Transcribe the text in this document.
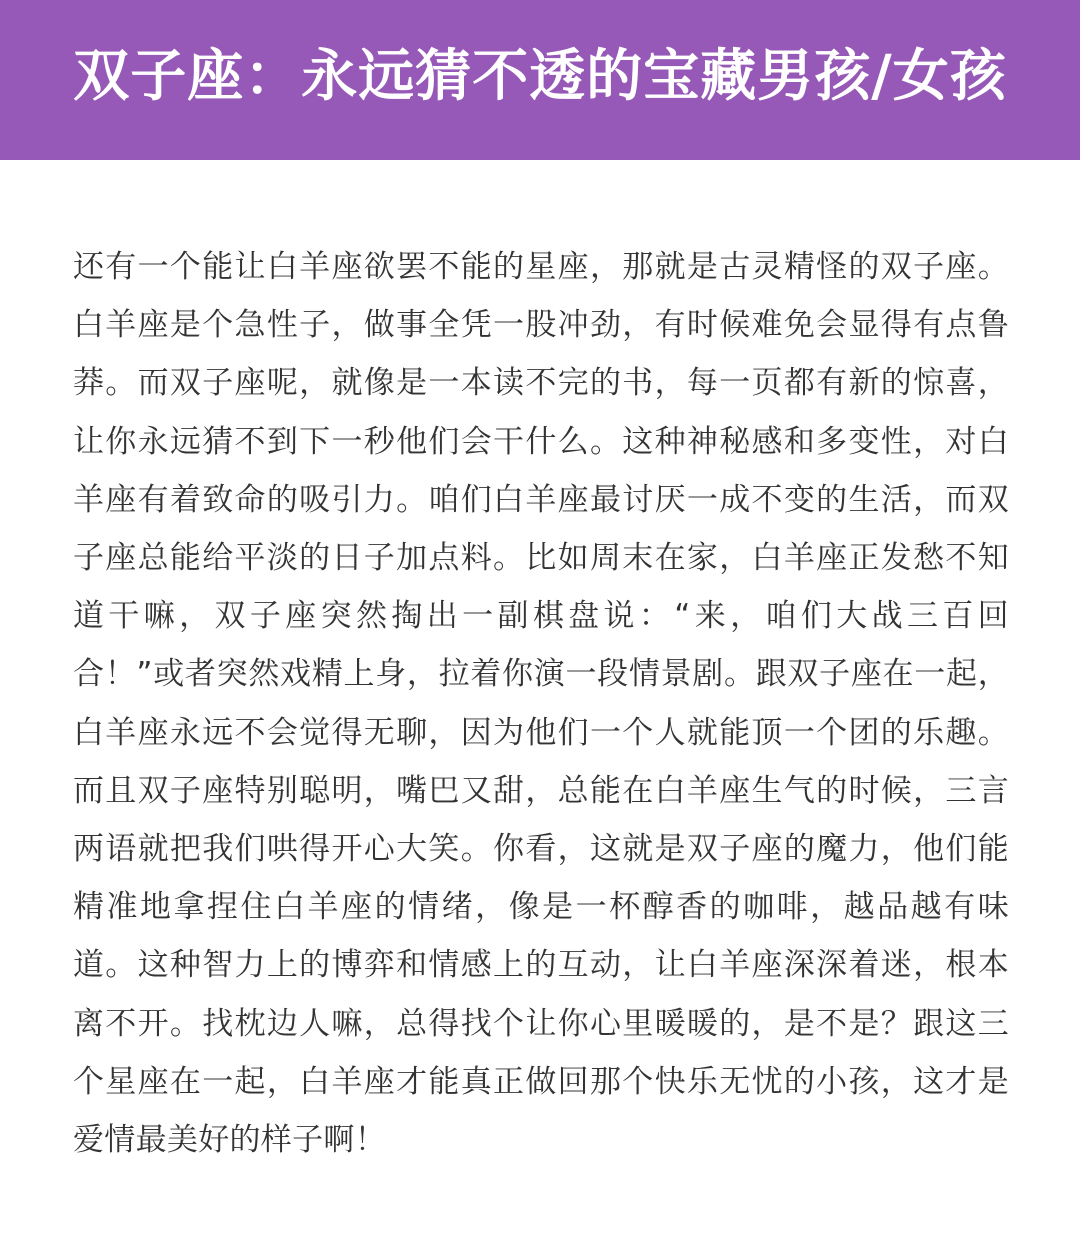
双子座：永远猜不透的宝藏男孩/女孩

还有一个能让白羊座欲罢不能的星座，那就是古灵精怪的双子座。白羊座是个急性子，做事全凭一股冲劲，有时候难免会显得有点鲁莽。而双子座呢，就像是一本读不完的书，每一页都有新的惊喜，让你永远猜不到下一秒他们会干什么。这种神秘感和多变性，对白羊座有着致命的吸引力。咱们白羊座最讨厌一成不变的生活，而双子座总能给平淡的日子加点料。比如周末在家，白羊座正发愁不知道干嘛，双子座突然掏出一副棋盘说：“来，咱们大战三百回合！”或者突然戏精上身，拉着你演一段情景剧。跟双子座在一起，白羊座永远不会觉得无聊，因为他们一个人就能顶一个团的乐趣。而且双子座特别聪明，嘴巴又甜，总能在白羊座生气的时候，三言两语就把我们哄得开心大笑。你看，这就是双子座的魔力，他们能精准地拿捏住白羊座的情绪，像是一杯醇香的咖啡，越品越有味道。这种智力上的博弈和情感上的互动，让白羊座深深着迷，根本离不开。找枕边人嘛，总得找个让你心里暖暖的，是不是？跟这三个星座在一起，白羊座才能真正做回那个快乐无忧的小孩，这才是爱情最美好的样子啊！
